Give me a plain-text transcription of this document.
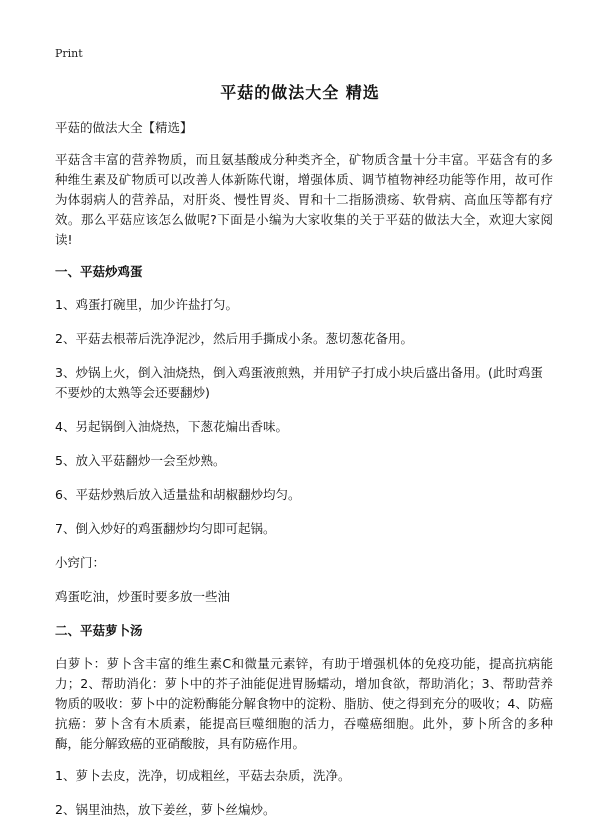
Print
平菇的做法大全 精选

平菇的做法大全【精选】

平菇含丰富的营养物质，而且氨基酸成分种类齐全，矿物质含量十分丰富。平菇含有的多种维生素及矿物质可以改善人体新陈代谢，增强体质、调节植物神经功能等作用，故可作为体弱病人的营养品，对肝炎、慢性胃炎、胃和十二指肠溃疡、软骨病、高血压等都有疗效。那么平菇应该怎么做呢?下面是小编为大家收集的关于平菇的做法大全，欢迎大家阅读!

一、平菇炒鸡蛋

1、鸡蛋打碗里，加少许盐打匀。

2、平菇去根蒂后洗净泥沙，然后用手撕成小条。葱切葱花备用。

3、炒锅上火，倒入油烧热，倒入鸡蛋液煎熟，并用铲子打成小块后盛出备用。(此时鸡蛋不要炒的太熟等会还要翻炒)

4、另起锅倒入油烧热，下葱花煸出香味。

5、放入平菇翻炒一会至炒熟。

6、平菇炒熟后放入适量盐和胡椒翻炒均匀。

7、倒入炒好的鸡蛋翻炒均匀即可起锅。

小窍门：

鸡蛋吃油，炒蛋时要多放一些油

二、平菇萝卜汤

白萝卜：萝卜含丰富的维生素C和微量元素锌，有助于增强机体的免疫功能，提高抗病能力；2、帮助消化：萝卜中的芥子油能促进胃肠蠕动，增加食欲，帮助消化；3、帮助营养物质的吸收：萝卜中的淀粉酶能分解食物中的淀粉、脂肪、使之得到充分的吸收；4、防癌抗癌：萝卜含有木质素，能提高巨噬细胞的活力，吞噬癌细胞。此外，萝卜所含的多种酶，能分解致癌的亚硝酸胺，具有防癌作用。

1、萝卜去皮，洗净，切成粗丝，平菇去杂质，洗净。

2、锅里油热，放下姜丝，萝卜丝煸炒。
